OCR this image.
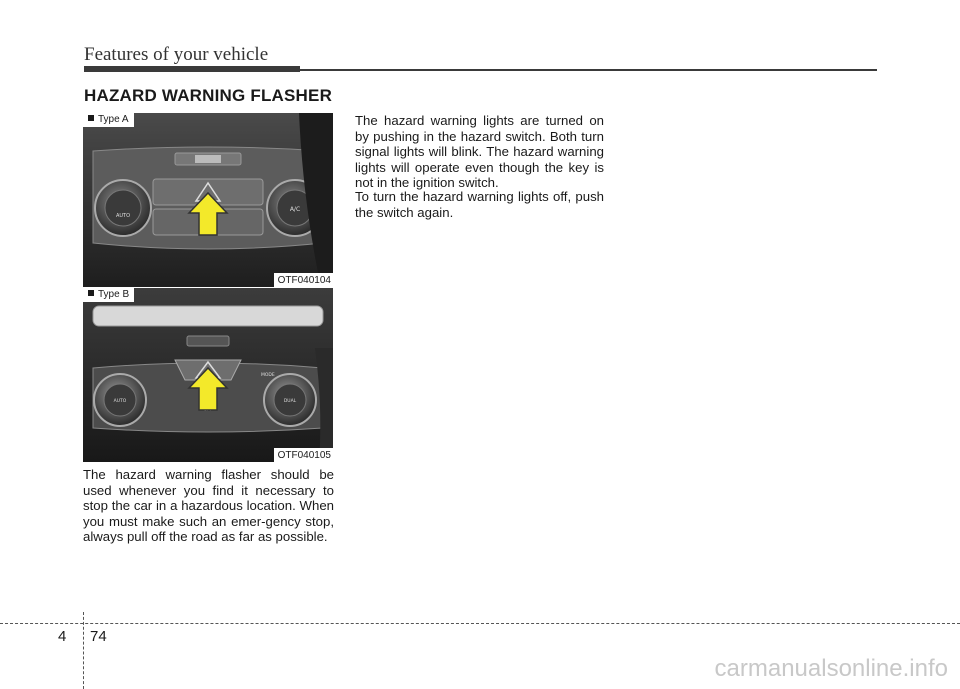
Features of your vehicle
HAZARD WARNING FLASHER
AUTO
A/C
Type A
OTF040104
AUTO	DUAL
MODE
Type B
OTF040105

The hazard warning flasher should be used whenever you find it necessary to stop the car in a hazardous location. When you must make such an emer-gency stop, always pull off the road as far as possible.

The hazard warning lights are turned on by pushing in the hazard switch. Both turn signal lights will blink. The hazard warning lights will operate even though the key is not in the ignition switch.

To turn the hazard warning lights off, push the switch again.

4 74
carmanualsonline.info
